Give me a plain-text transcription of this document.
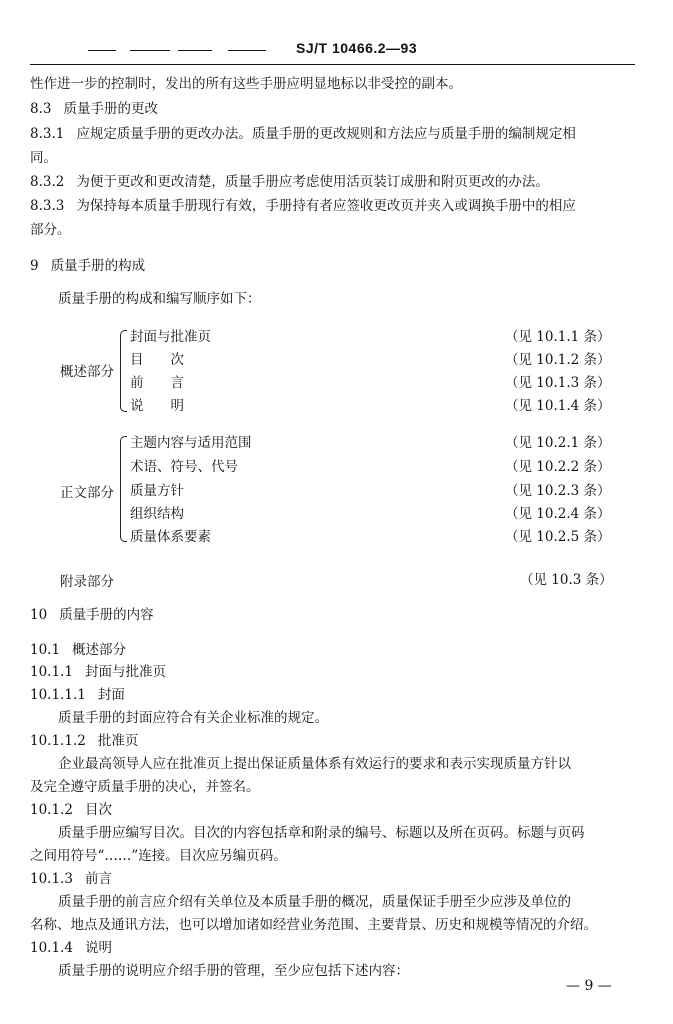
SJ/T 10466.2—93
性作进一步的控制时，发出的所有这些手册应明显地标以非受控的副本。
8.3 质量手册的更改
8.3.1 应规定质量手册的更改办法。质量手册的更改规则和方法应与质量手册的编制规定相
同。
8.3.2 为便于更改和更改清楚，质量手册应考虑使用活页装订成册和附页更改的办法。
8.3.3 为保持每本质量手册现行有效，手册持有者应签收更改页并夹入或调换手册中的相应
部分。
9 质量手册的构成
质量手册的构成和编写顺序如下：
概述部分
封面与批准页	（见 10.1.1 条）
目　　次	（见 10.1.2 条）
前　　言	（见 10.1.3 条）
说　　明	（见 10.1.4 条）
正文部分
主题内容与适用范围	（见 10.2.1 条）
术语、符号、代号	（见 10.2.2 条）
质量方针	（见 10.2.3 条）
组织结构	（见 10.2.4 条）
质量体系要素	（见 10.2.5 条）
附录部分	（见 10.3 条）
10 质量手册的内容
10.1 概述部分
10.1.1 封面与批准页
10.1.1.1 封面
质量手册的封面应符合有关企业标准的规定。
10.1.1.2 批准页
企业最高领导人应在批准页上提出保证质量体系有效运行的要求和表示实现质量方针以
及完全遵守质量手册的决心，并签名。
10.1.2 目次
质量手册应编写目次。目次的内容包括章和附录的编号、标题以及所在页码。标题与页码
之间用符号“……”连接。目次应另编页码。
10.1.3 前言
质量手册的前言应介绍有关单位及本质量手册的概况，质量保证手册至少应涉及单位的
名称、地点及通讯方法，也可以增加诸如经营业务范围、主要背景、历史和规模等情况的介绍。
10.1.4 说明
质量手册的说明应介绍手册的管理，至少应包括下述内容：
— 9 —
